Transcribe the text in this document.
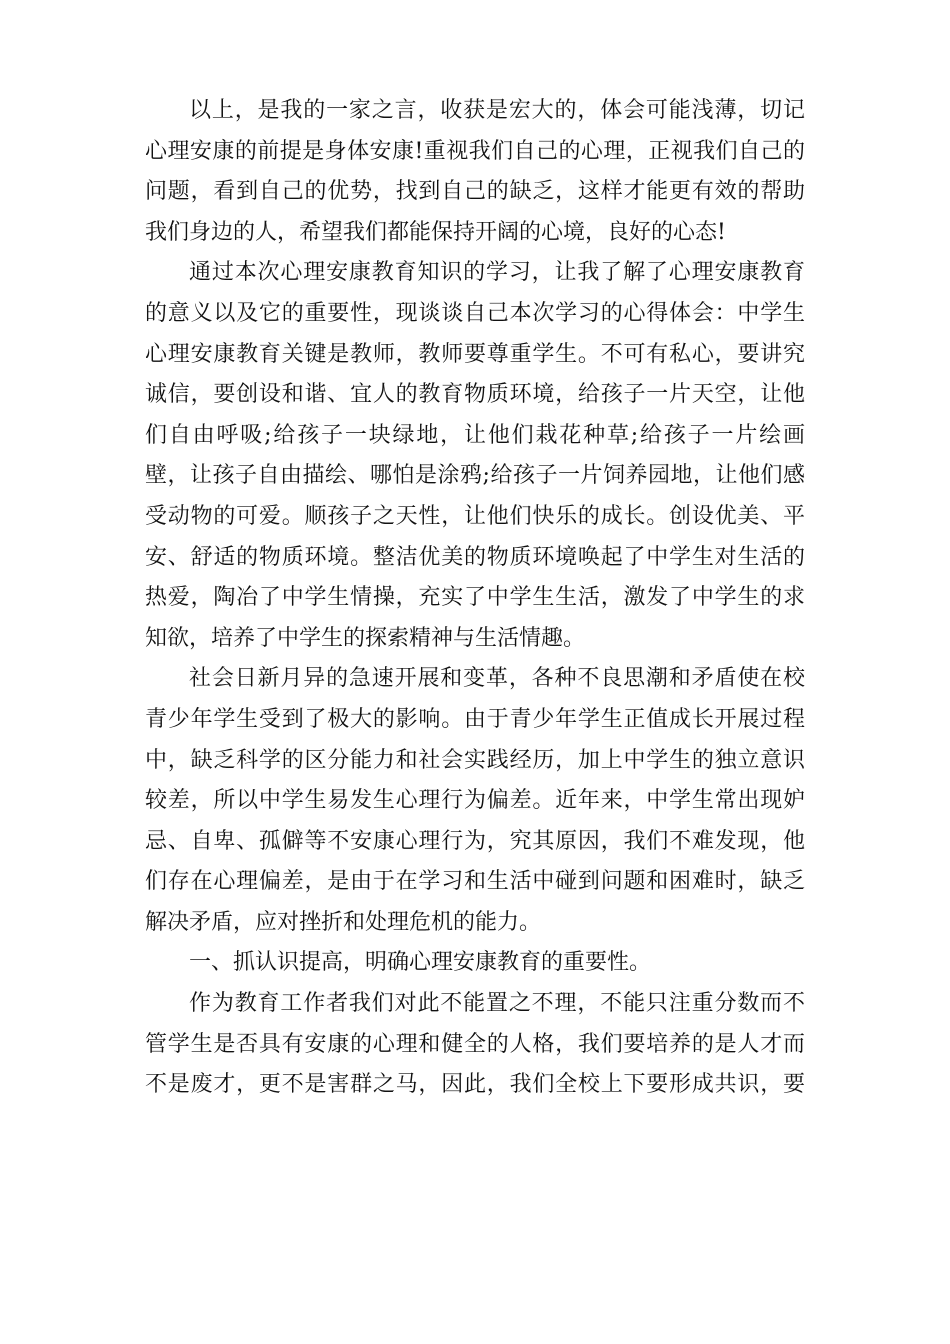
以上，是我的一家之言，收获是宏大的，体会可能浅薄，切记
心理安康的前提是身体安康!重视我们自己的心理，正视我们自己的
问题，看到自己的优势，找到自己的缺乏，这样才能更有效的帮助
我们身边的人，希望我们都能保持开阔的心境，良好的心态!
通过本次心理安康教育知识的学习，让我了解了心理安康教育
的意义以及它的重要性，现谈谈自己本次学习的心得体会：中学生
心理安康教育关键是教师，教师要尊重学生。不可有私心，要讲究
诚信，要创设和谐、宜人的教育物质环境，给孩子一片天空，让他
们自由呼吸;给孩子一块绿地，让他们栽花种草;给孩子一片绘画
壁，让孩子自由描绘、哪怕是涂鸦;给孩子一片饲养园地，让他们感
受动物的可爱。顺孩子之天性，让他们快乐的成长。创设优美、平
安、舒适的物质环境。整洁优美的物质环境唤起了中学生对生活的
热爱，陶冶了中学生情操，充实了中学生生活，激发了中学生的求
知欲，培养了中学生的探索精神与生活情趣。
社会日新月异的急速开展和变革，各种不良思潮和矛盾使在校
青少年学生受到了极大的影响。由于青少年学生正值成长开展过程
中，缺乏科学的区分能力和社会实践经历，加上中学生的独立意识
较差，所以中学生易发生心理行为偏差。近年来，中学生常出现妒
忌、自卑、孤僻等不安康心理行为，究其原因，我们不难发现，他
们存在心理偏差，是由于在学习和生活中碰到问题和困难时，缺乏
解决矛盾，应对挫折和处理危机的能力。
一、抓认识提高，明确心理安康教育的重要性。
作为教育工作者我们对此不能置之不理，不能只注重分数而不
管学生是否具有安康的心理和健全的人格，我们要培养的是人才而
不是废才，更不是害群之马，因此，我们全校上下要形成共识，要
